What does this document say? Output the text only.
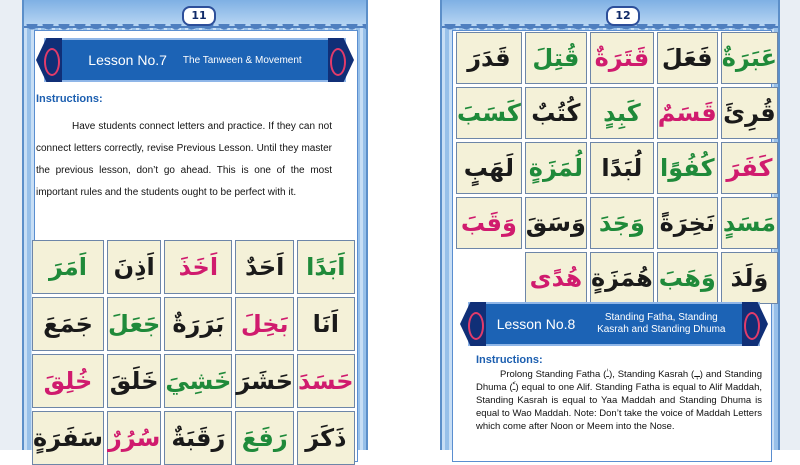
11
Lesson No.7 The Tanween & Movement
Instructions:
Have students connect letters and practice. If they can not connect letters correctly, revise Previous Lesson. Until they master the previous lesson, don’t go ahead. This is one of the most important rules and the students ought to be perfect with it.
اَبَدًا
اَحَدٌ
اَخَذَ
اَذِنَ
اَمَرَ
اَنَا
بَخِلَ
بَرَرَةٌ
جَعَلَ
جَمَعَ
حَسَدَ
حَشَرَ
خَشِيَ
خَلَقَ
خُلِقَ
ذَكَرَ
رَفَعَ
رَقَبَةٌ
سُرُرٌ
سَفَرَةٍ
12
عَبَرَةٌ
فَعَلَ
قَتَرَةٌ
قُتِلَ
قَدَرَ
قُرِئَ
قَسَمٌ
كَبِدٍ
كُتُبٌ
كَسَبَ
كَفَرَ
كُفُوًا
لُبَدًا
لُمَزَةٍ
لَهَبٍ
مَسَدٍ
نَخِرَةً
وَجَدَ
وَسَقَ
وَقَبَ
وَلَدَ
وَهَبَ
هُمَزَةٍ
هُدًى
Lesson No.8	Standing Fatha, Standing Kasrah and Standing Dhuma
Instructions:
Prolong Standing Fatha (ـٰ), Standing Kasrah (ـٖ) and Standing Dhuma (ـٗ) equal to one Alif. Standing Fatha is equal to Alif Maddah, Standing Kasrah is equal to Yaa Maddah and Standing Dhuma is equal to Wao Maddah. Note: Don’t take the voice of Maddah Letters which come after Noon or Meem into the Nose.
